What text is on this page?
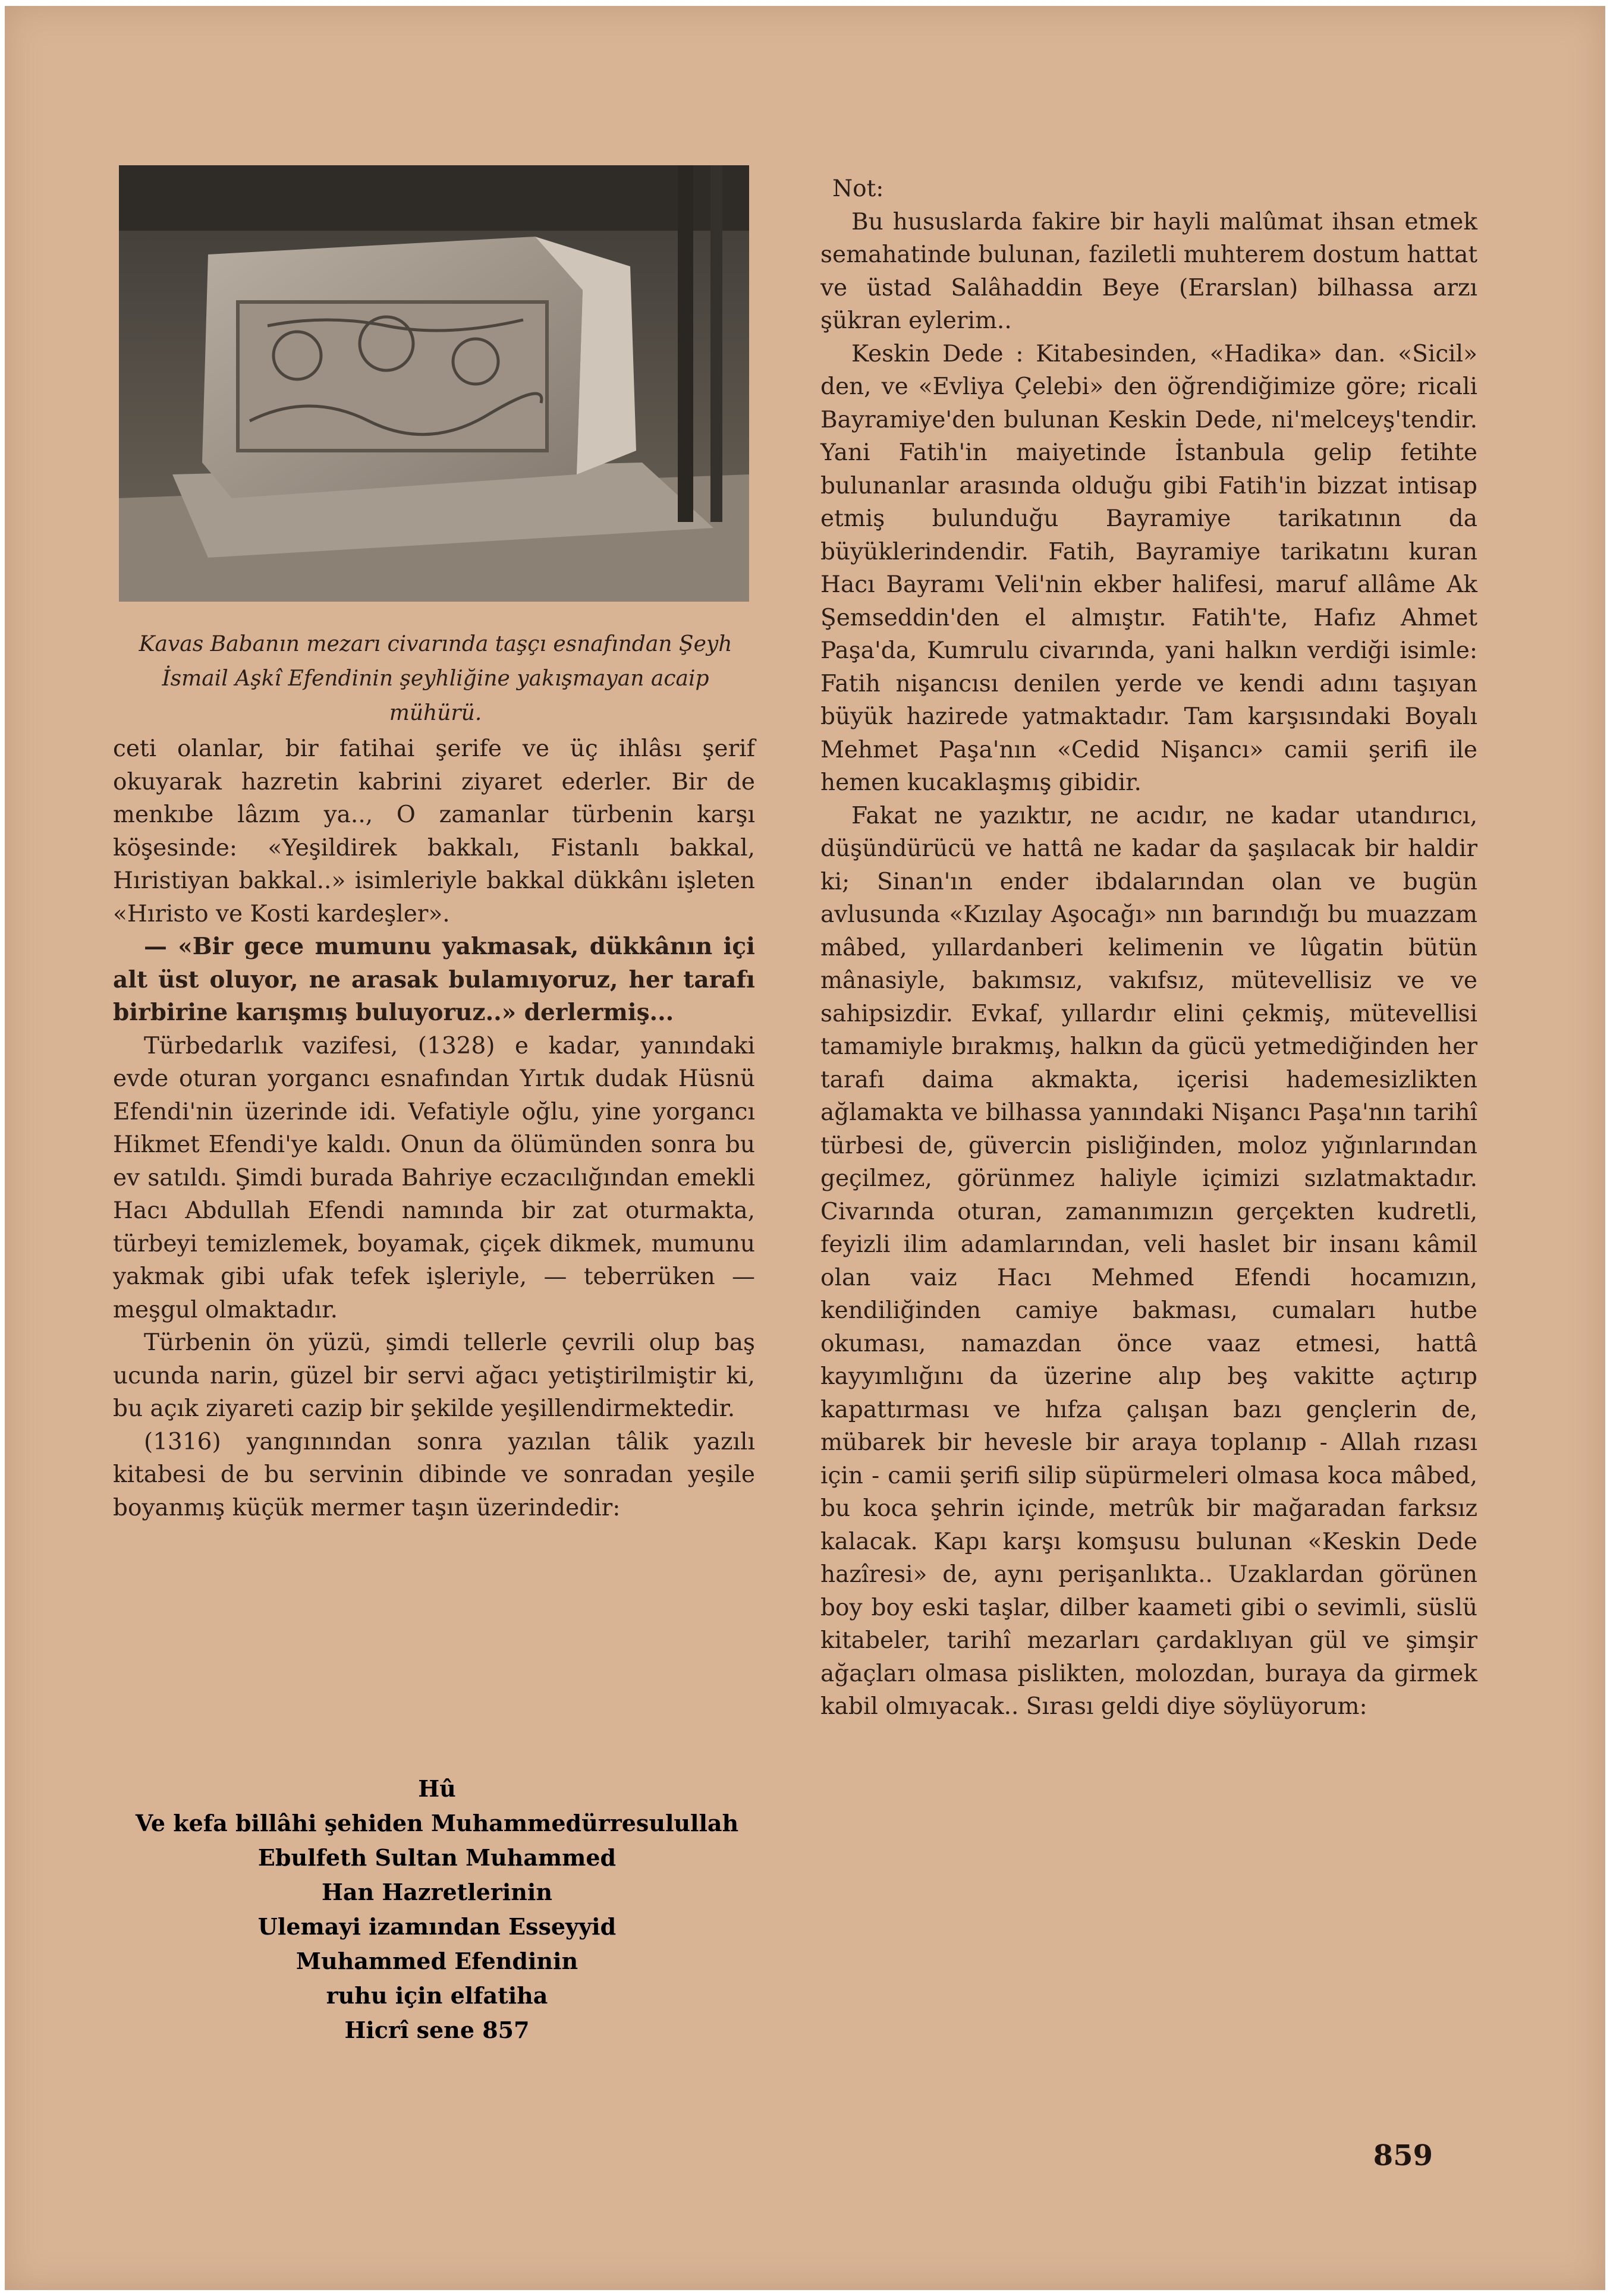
Kavas Babanın mezarı civarında taşçı esnafından Şeyh İsmail Aşkî Efendinin şeyhliğine yakışmayan acaip mühürü.

ceti olanlar, bir fatihai şerife ve üç ihlâsı şerif okuyarak hazretin kabrini ziyaret ederler. Bir de menkıbe lâzım ya.., O zamanlar türbenin karşı köşesinde: «Yeşildirek bakkalı, Fistanlı bakkal, Hıristiyan bakkal..» isimleriyle bakkal dükkânı işleten «Hıristo ve Kosti kardeşler».

— «Bir gece mumunu yakmasak, dükkânın içi alt üst oluyor, ne arasak bulamıyoruz, her tarafı birbirine karışmış buluyoruz..» derlermiş...

Türbedarlık vazifesi, (1328) e kadar, yanındaki evde oturan yorgancı esnafından Yırtık dudak Hüsnü Efendi'nin üzerinde idi. Vefatiyle oğlu, yine yorgancı Hikmet Efendi'ye kaldı. Onun da ölümünden sonra bu ev satıldı. Şimdi burada Bahriye eczacılığından emekli Hacı Abdullah Efendi namında bir zat oturmakta, türbeyi temizlemek, boyamak, çiçek dikmek, mumunu yakmak gibi ufak tefek işleriyle, — teberrüken — meşgul olmaktadır.

Türbenin ön yüzü, şimdi tellerle çevrili olup baş ucunda narin, güzel bir servi ağacı yetiştirilmiştir ki, bu açık ziyareti cazip bir şekilde yeşillendirmektedir.

(1316) yangınından sonra yazılan tâlik yazılı kitabesi de bu servinin dibinde ve sonradan yeşile boyanmış küçük mermer taşın üzerindedir:

Hû
Ve kefa billâhi şehiden Muhammedürresulullah
Ebulfeth Sultan Muhammed
Han Hazretlerinin
Ulemayi izamından Esseyyid
Muhammed Efendinin
ruhu için elfatiha
Hicrî sene 857
Not:

Bu hususlarda fakire bir hayli malûmat ihsan etmek semahatinde bulunan, faziletli muhterem dostum hattat ve üstad Salâhaddin Beye (Erarslan) bilhassa arzı şükran eylerim..

Keskin Dede : Kitabesinden, «Hadika» dan. «Sicil» den, ve «Evliya Çelebi» den öğrendiğimize göre; ricali Bayramiye'den bulunan Keskin Dede, ni'melceyş'tendir. Yani Fatih'in maiyetinde İstanbula gelip fetihte bulunanlar arasında olduğu gibi Fatih'in bizzat intisap etmiş bulunduğu Bayramiye tarikatının da büyüklerindendir. Fatih, Bayramiye tarikatını kuran Hacı Bayramı Veli'nin ekber halifesi, maruf allâme Ak Şemseddin'den el almıştır. Fatih'te, Hafız Ahmet Paşa'da, Kumrulu civarında, yani halkın verdiği isimle: Fatih nişancısı denilen yerde ve kendi adını taşıyan büyük hazirede yatmaktadır. Tam karşısındaki Boyalı Mehmet Paşa'nın «Cedid Nişancı» camii şerifi ile hemen kucaklaşmış gibidir.

Fakat ne yazıktır, ne acıdır, ne kadar utandırıcı, düşündürücü ve hattâ ne kadar da şaşılacak bir haldir ki; Sinan'ın ender ibdalarından olan ve bugün avlusunda «Kızılay Aşocağı» nın barındığı bu muazzam mâbed, yıllardanberi kelimenin ve lûgatin bütün mânasiyle, bakımsız, vakıfsız, mütevellisiz ve ve sahipsizdir. Evkaf, yıllardır elini çekmiş, mütevellisi tamamiyle bırakmış, halkın da gücü yetmediğinden her tarafı daima akmakta, içerisi hademesizlikten ağlamakta ve bilhassa yanındaki Nişancı Paşa'nın tarihî türbesi de, güvercin pisliğinden, moloz yığınlarından geçilmez, görünmez haliyle içimizi sızlatmaktadır. Civarında oturan, zamanımızın gerçekten kudretli, feyizli ilim adamlarından, veli haslet bir insanı kâmil olan vaiz Hacı Mehmed Efendi hocamızın, kendiliğinden camiye bakması, cumaları hutbe okuması, namazdan önce vaaz etmesi, hattâ kayyımlığını da üzerine alıp beş vakitte açtırıp kapattırması ve hıfza çalışan bazı gençlerin de, mübarek bir hevesle bir araya toplanıp - Allah rızası için - camii şerifi silip süpürmeleri olmasa koca mâbed, bu koca şehrin içinde, metrûk bir mağaradan farksız kalacak. Kapı karşı komşusu bulunan «Keskin Dede hazîresi» de, aynı perişanlıkta.. Uzaklardan görünen boy boy eski taşlar, dilber kaameti gibi o sevimli, süslü kitabeler, tarihî mezarları çardaklıyan gül ve şimşir ağaçları olmasa pislikten, molozdan, buraya da girmek kabil olmıyacak.. Sırası geldi diye söylüyorum:

859
